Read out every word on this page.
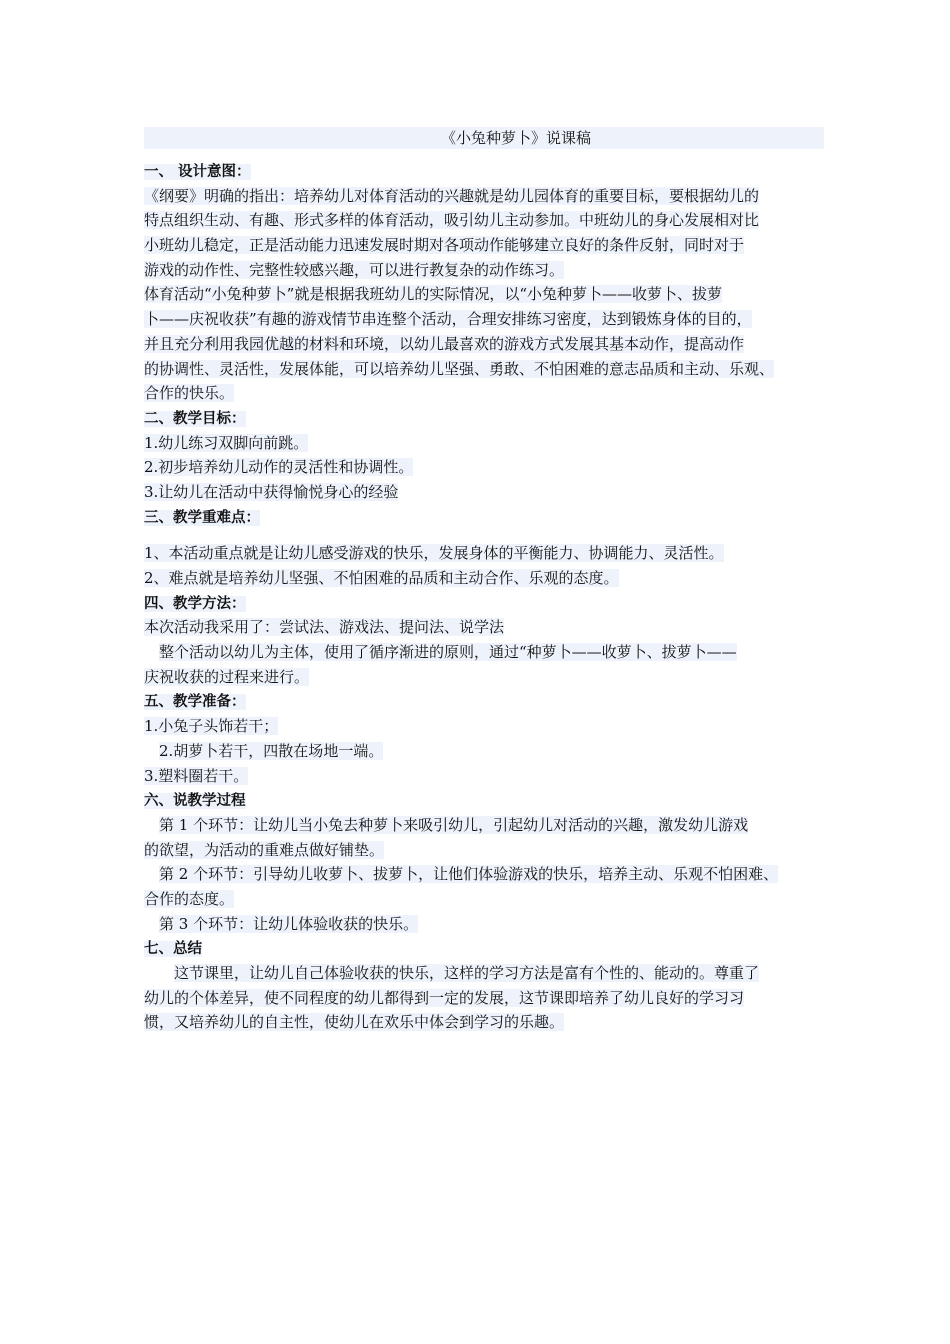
《小兔种萝卜》说课稿
一、 设计意图：
《纲要》明确的指出：培养幼儿对体育活动的兴趣就是幼儿园体育的重要目标，要根据幼儿的
特点组织生动、有趣、形式多样的体育活动，吸引幼儿主动参加。中班幼儿的身心发展相对比
小班幼儿稳定，正是活动能力迅速发展时期对各项动作能够建立良好的条件反射，同时对于
游戏的动作性、完整性较感兴趣，可以进行教复杂的动作练习。
体育活动“小兔种萝卜”就是根据我班幼儿的实际情况，以“小兔种萝卜——收萝卜、拔萝
卜——庆祝收获”有趣的游戏情节串连整个活动，合理安排练习密度，达到锻炼身体的目的，
并且充分利用我园优越的材料和环境，以幼儿最喜欢的游戏方式发展其基本动作，提高动作
的协调性、灵活性，发展体能，可以培养幼儿坚强、勇敢、不怕困难的意志品质和主动、乐观、
合作的快乐。
二、教学目标：
1.幼儿练习双脚向前跳。
2.初步培养幼儿动作的灵活性和协调性。
3.让幼儿在活动中获得愉悦身心的经验
三、教学重难点：
1、本活动重点就是让幼儿感受游戏的快乐，发展身体的平衡能力、协调能力、灵活性。
2、难点就是培养幼儿坚强、不怕困难的品质和主动合作、乐观的态度。
四、教学方法：
本次活动我采用了：尝试法、游戏法、提问法、说学法
整个活动以幼儿为主体，使用了循序渐进的原则，通过“种萝卜——收萝卜、拔萝卜——
庆祝收获的过程来进行。
五、教学准备：
1.小兔子头饰若干；
2.胡萝卜若干，四散在场地一端。
3.塑料圈若干。
六、说教学过程
第 1 个环节：让幼儿当小兔去种萝卜来吸引幼儿，引起幼儿对活动的兴趣，激发幼儿游戏
的欲望，为活动的重难点做好铺垫。
第 2 个环节：引导幼儿收萝卜、拔萝卜，让他们体验游戏的快乐，培养主动、乐观不怕困难、
合作的态度。
第 3 个环节：让幼儿体验收获的快乐。
七、总结
这节课里，让幼儿自己体验收获的快乐，这样的学习方法是富有个性的、能动的。尊重了
幼儿的个体差异，使不同程度的幼儿都得到一定的发展，这节课即培养了幼儿良好的学习习
惯，又培养幼儿的自主性，使幼儿在欢乐中体会到学习的乐趣。
